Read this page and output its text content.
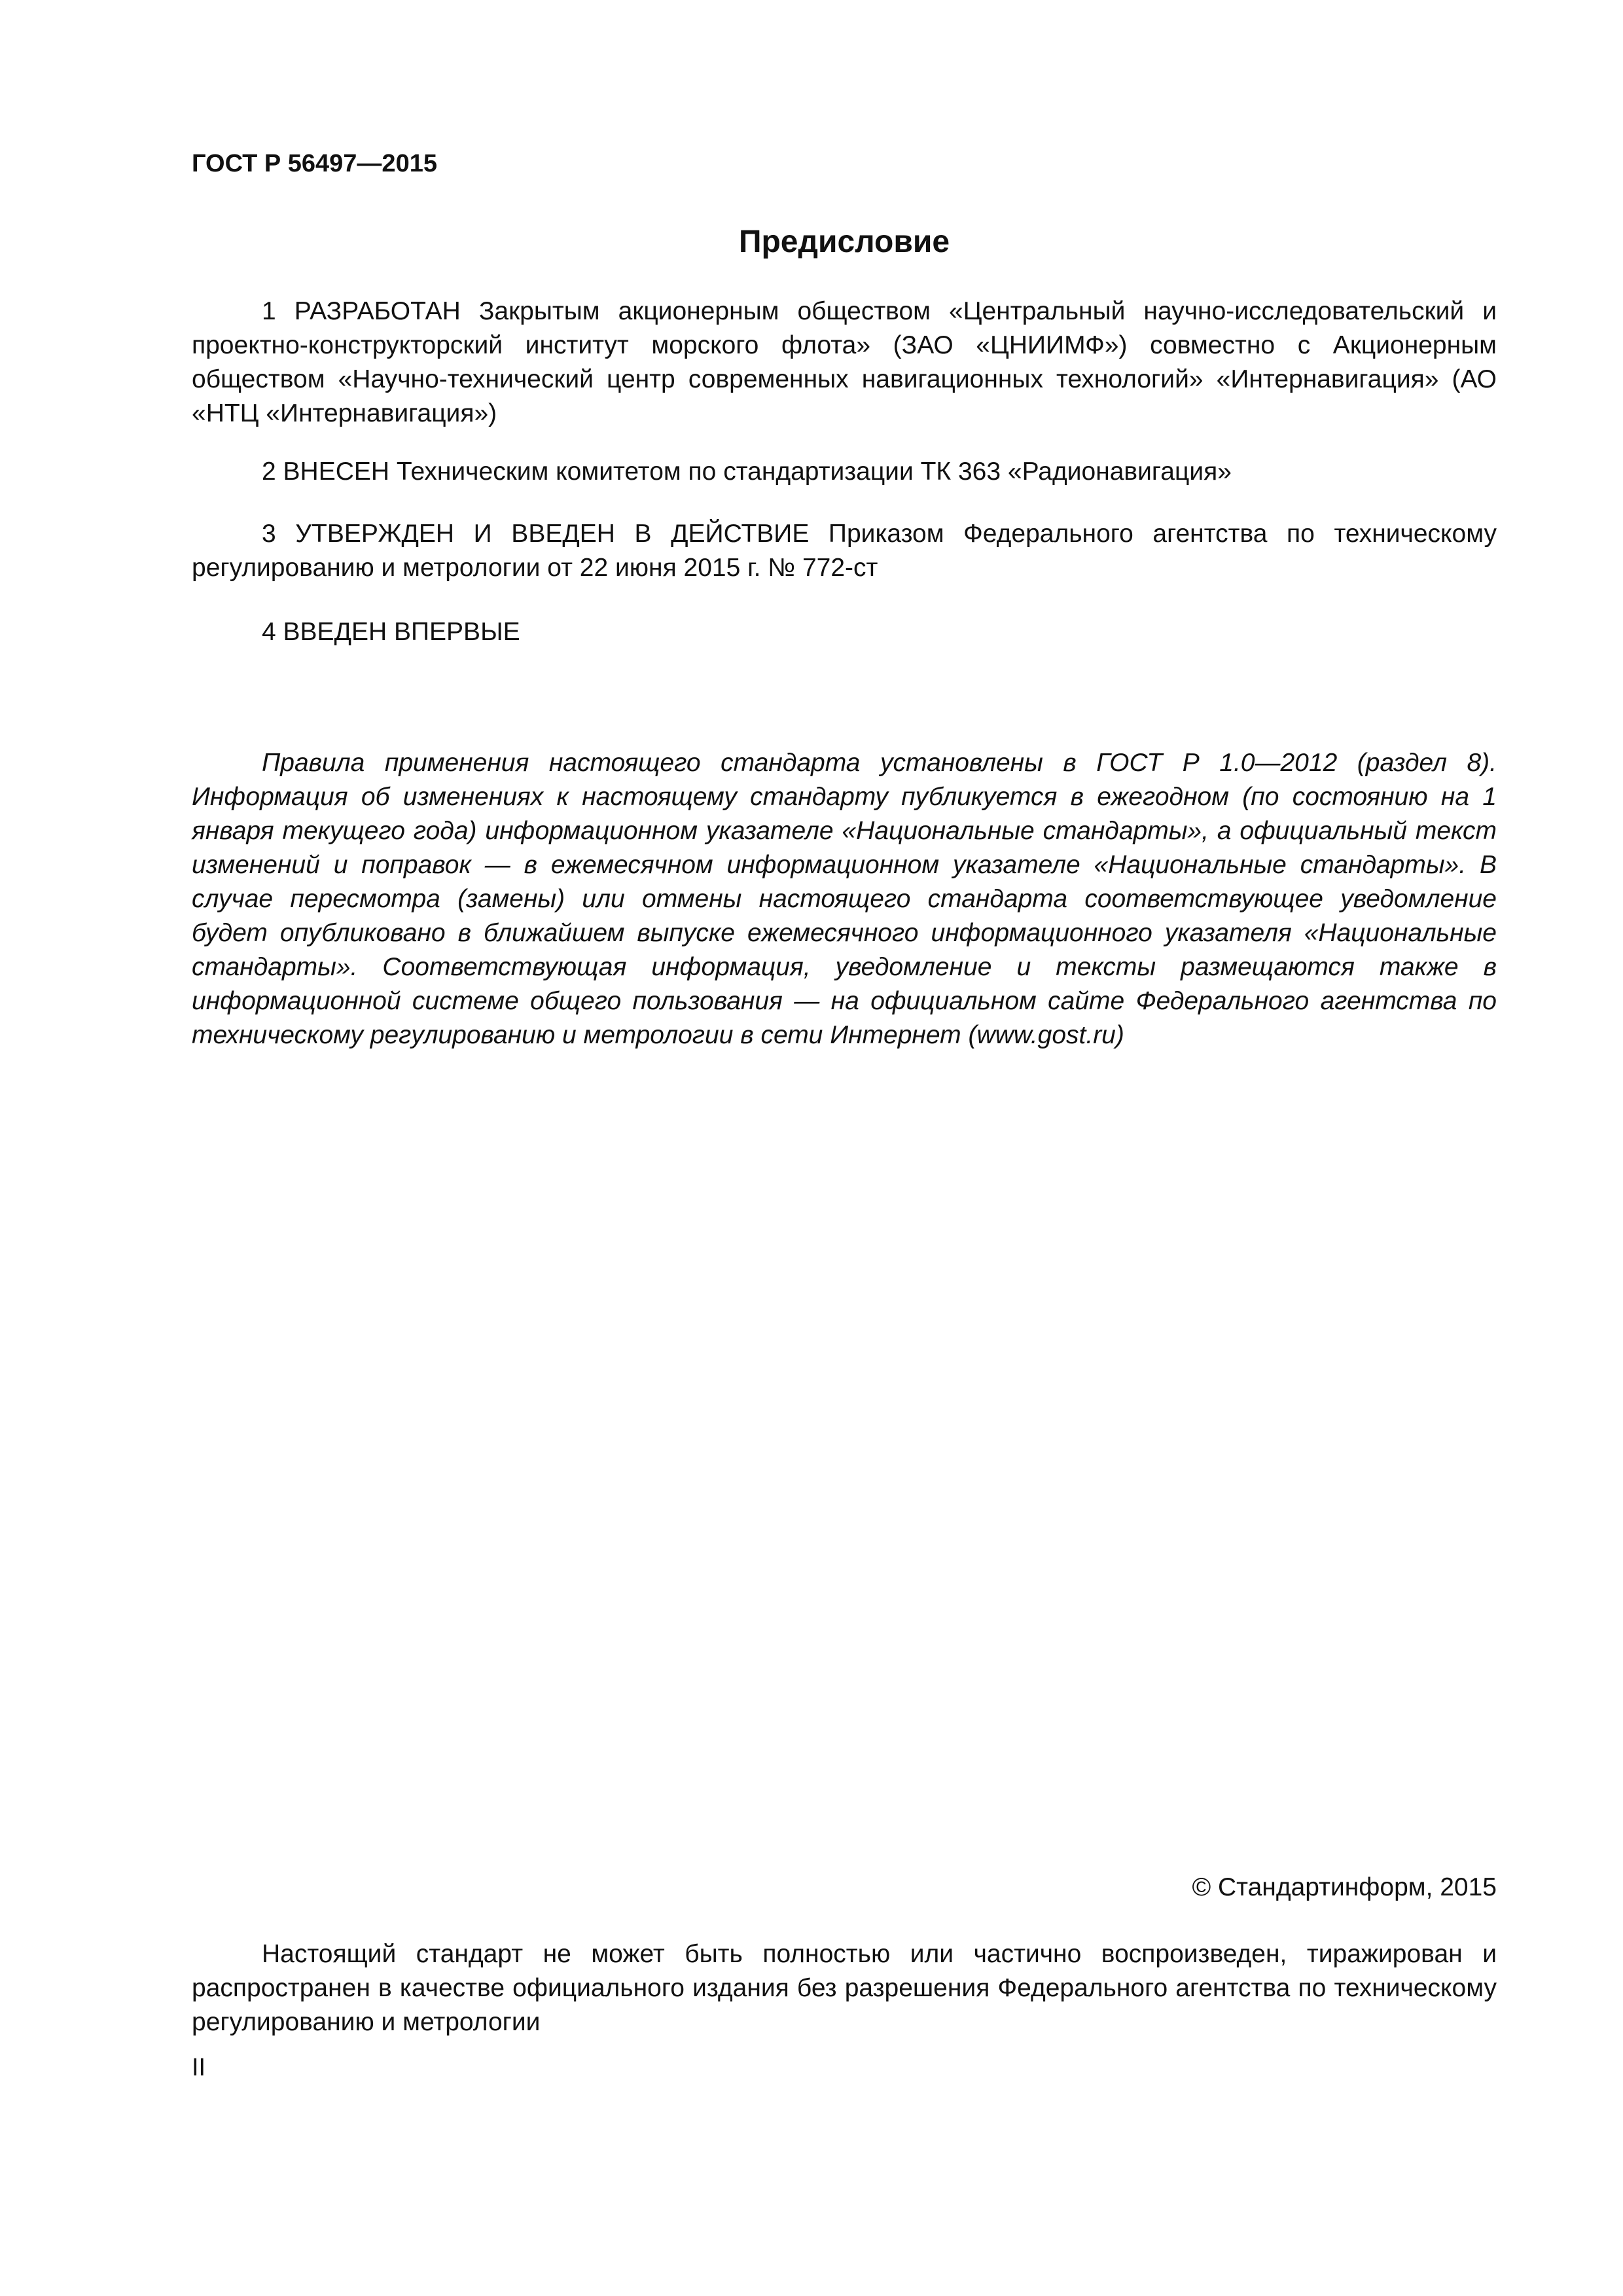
ГОСТ Р 56497—2015
Предисловие

1 РАЗРАБОТАН Закрытым акционерным обществом «Центральный научно-исследовательский и проектно-конструкторский институт морского флота» (ЗАО «ЦНИИМФ») совместно с Акционерным обществом «Научно-технический центр современных навигационных технологий» «Интернавигация» (АО «НТЦ «Интернавигация»)

2 ВНЕСЕН Техническим комитетом по стандартизации ТК 363 «Радионавигация»

3 УТВЕРЖДЕН И ВВЕДЕН В ДЕЙСТВИЕ Приказом Федерального агентства по техническому регулированию и метрологии от 22 июня 2015 г. № 772-ст

4 ВВЕДЕН ВПЕРВЫЕ

Правила применения настоящего стандарта установлены в ГОСТ Р 1.0—2012 (раздел 8). Информация об изменениях к настоящему стандарту публикуется в ежегодном (по состоянию на 1 января текущего года) информационном указателе «Национальные стандарты», а официальный текст изменений и поправок — в ежемесячном информационном указателе «Национальные стандарты». В случае пересмотра (замены) или отмены настоящего стандарта соответствующее уведомление будет опубликовано в ближайшем выпуске ежемесячного информационного указателя «Национальные стандарты». Соответствующая информация, уведомление и тексты размещаются также в информационной системе общего пользования — на официальном сайте Федерального агентства по техническому регулированию и метрологии в сети Интернет (www.gost.ru)

© Стандартинформ, 2015

Настоящий стандарт не может быть полностью или частично воспроизведен, тиражирован и распространен в качестве официального издания без разрешения Федерального агентства по техническому регулированию и метрологии

II
